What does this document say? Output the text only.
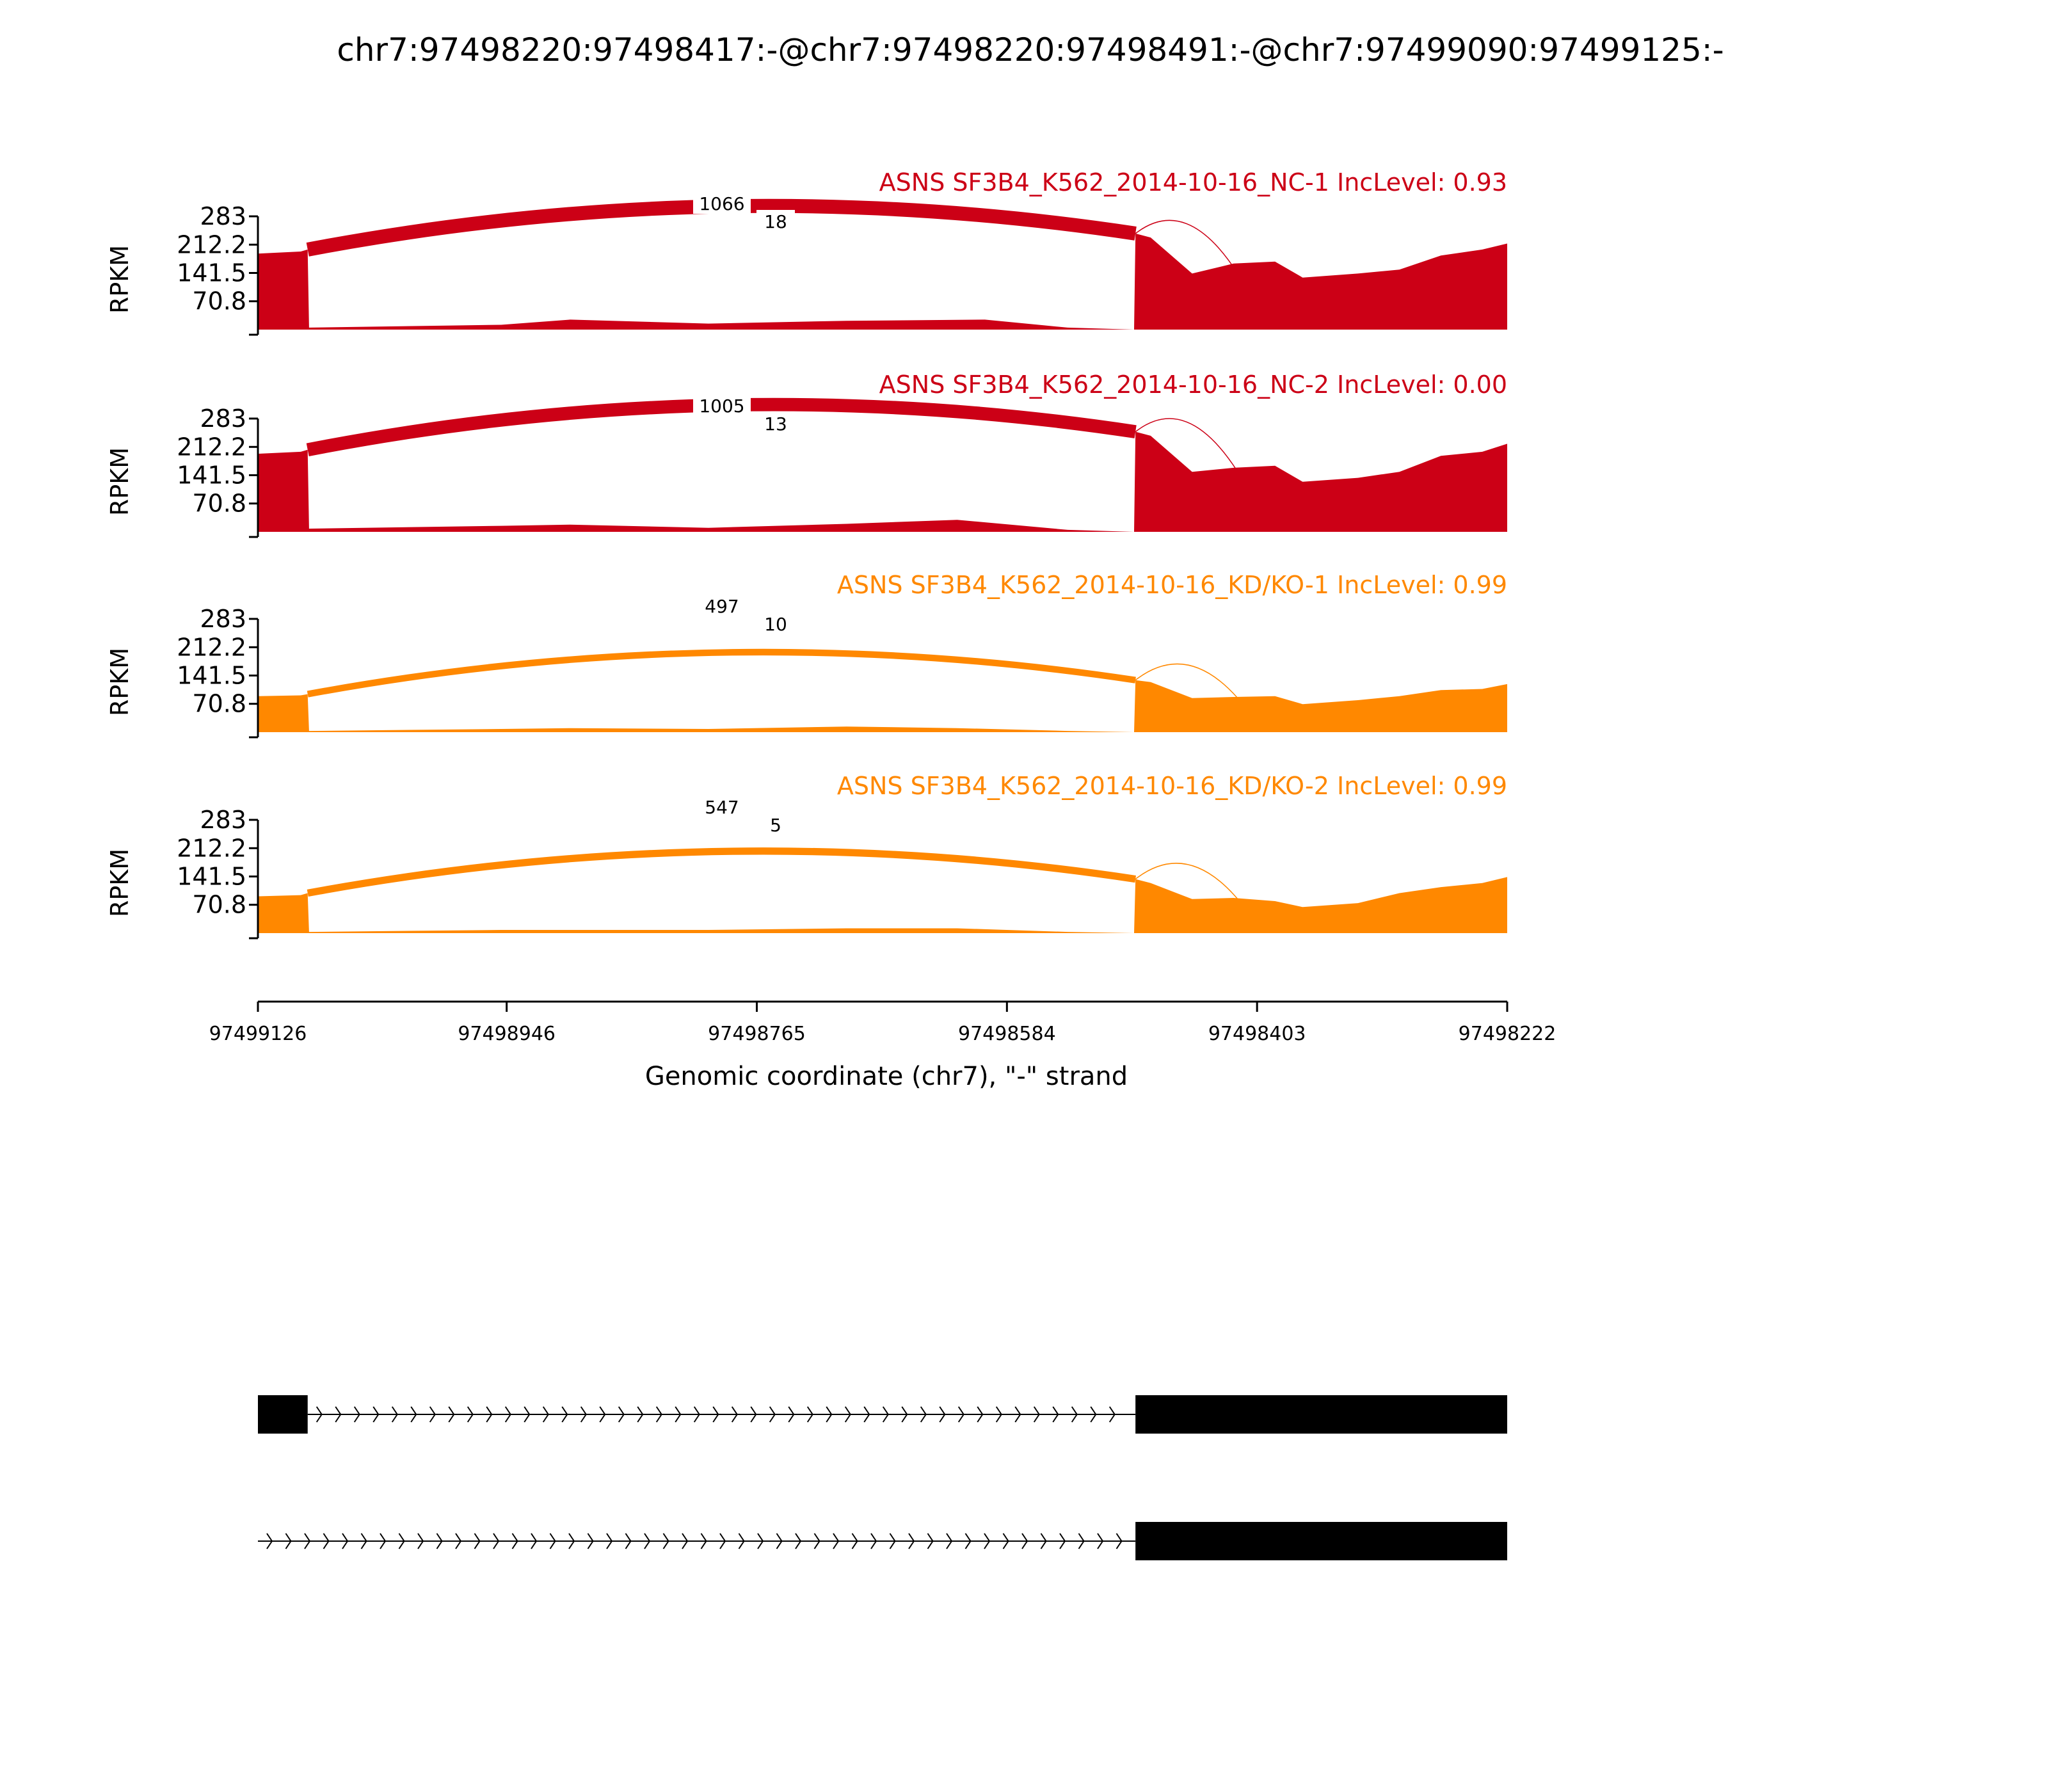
chr7:97498220:97498417:-@chr7:97498220:97498491:-@chr7:97499090:97499125:-
1066
18
ASNS SF3B4_K562_2014-10-16_NC-1 IncLevel: 0.93
283
212.2
141.5
70.8
RPKM
1005
13
ASNS SF3B4_K562_2014-10-16_NC-2 IncLevel: 0.00
283
212.2
141.5
70.8
RPKM
497
10
ASNS SF3B4_K562_2014-10-16_KD/KO-1 IncLevel: 0.99
283
212.2
141.5
70.8
RPKM
547
5
ASNS SF3B4_K562_2014-10-16_KD/KO-2 IncLevel: 0.99
283
212.2
141.5
70.8
RPKM
97499126	97498946	97498765	97498584	97498403	97498222
Genomic coordinate (chr7), "-" strand
